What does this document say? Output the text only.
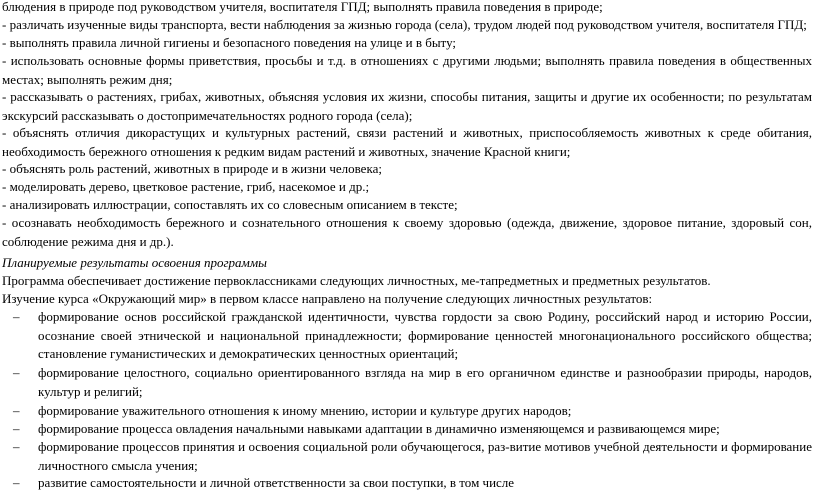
блюдения в природе под руководством учителя, воспитателя ГПД; выполнять правила поведения в природе;

- различать изученные виды транспорта, вести наблюдения за жизнью города (села), трудом людей под руководством учителя, воспитателя ГПД;

- выполнять правила личной гигиены и безопасного поведения на улице и в быту;

- использовать основные формы приветствия, просьбы и т.д. в отношениях с другими людьми; выполнять правила поведения в общественных местах; выполнять режим дня;

- рассказывать о растениях, грибах, животных, объясняя условия их жизни, способы питания, защиты и другие их особенности; по результатам экскурсий рассказывать о достопримечательностях родного города (села);

- объяснять отличия дикорастущих и культурных растений, связи растений и животных, приспособляемость животных к среде обитания, необходимость бережного отношения к редким видам растений и животных, значение Красной книги;

- объяснять роль растений, животных в природе и в жизни человека;

- моделировать дерево, цветковое растение, гриб, насекомое и др.;

- анализировать иллюстрации, сопоставлять их со словесным описанием в тексте;

- осознавать необходимость бережного и сознательного отношения к своему здоровью (одежда, движение, здоровое питание, здоровый сон, соблюдение режима дня и др.).

Планируемые результаты освоения программы

Программа обеспечивает достижение первоклассниками следующих личностных, ме-тапредметных и предметных результатов.

Изучение курса «Окружающий мир» в первом классе направлено на получение следующих личностных результатов:

– формирование основ российской гражданской идентичности, чувства гордости за свою Родину, российский народ и историю России, осознание своей этнической и национальной принадлежности; формирование ценностей многонационального российского общества; становление гуманистических и демократических ценностных ориентаций;

– формирование целостного, социально ориентированного взгляда на мир в его органичном единстве и разнообразии природы, народов, культур и религий;

– формирование уважительного отношения к иному мнению, истории и культуре других народов;

– формирование процесса овладения начальными навыками адаптации в динамично изменяющемся и развивающемся мире;

– формирование процессов принятия и освоения социальной роли обучающегося, раз-витие мотивов учебной деятельности и формирование личностного смысла учения;

– развитие самостоятельности и личной ответственности за свои поступки, в том числе
